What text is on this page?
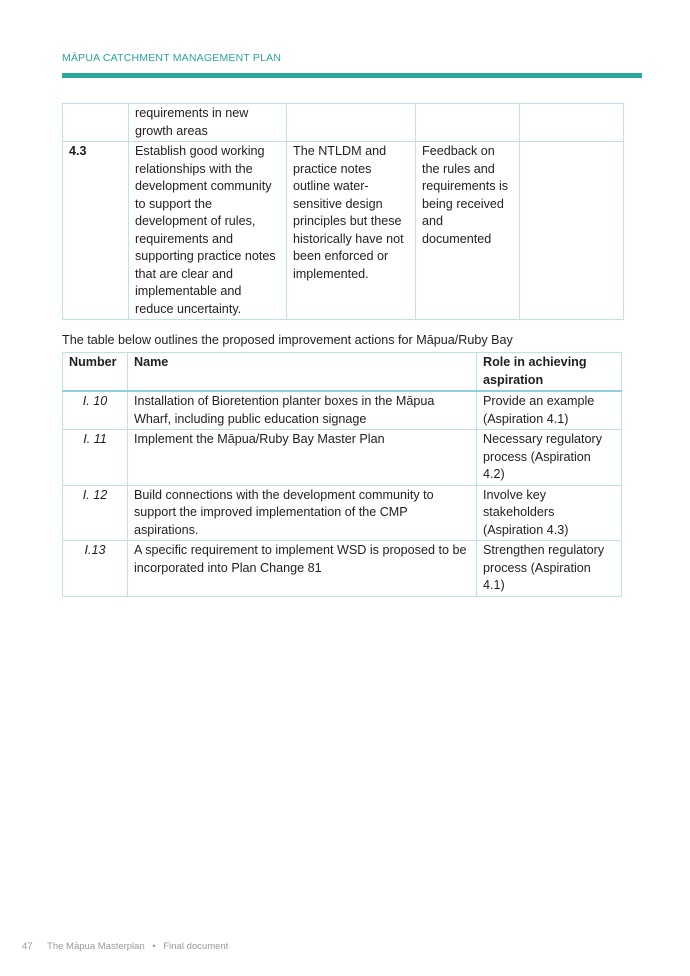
MĀPUA CATCHMENT MANAGEMENT PLAN
	requirements in new growth areas			
4.3	Establish good working relationships with the development community to support the development of rules, requirements and supporting practice notes that are clear and implementable and reduce uncertainty.	The NTLDM and practice notes outline water-sensitive design principles but these historically have not been enforced or implemented.	Feedback on the rules and requirements is being received and documented	
The table below outlines the proposed improvement actions for Māpua/Ruby Bay
Number	Name	Role in achieving aspiration
I. 10	Installation of Bioretention planter boxes in the Māpua Wharf, including public education signage	Provide an example (Aspiration 4.1)
I. 11	Implement the Māpua/Ruby Bay Master Plan	Necessary regulatory process (Aspiration 4.2)
I. 12	Build connections with the development community to support the improved implementation of the CMP aspirations.	Involve key stakeholders (Aspiration 4.3)
I.13	A specific requirement to implement WSD is proposed to be incorporated into Plan Change 81	Strengthen regulatory process (Aspiration 4.1)
47 The Māpua Masterplan • Final document
